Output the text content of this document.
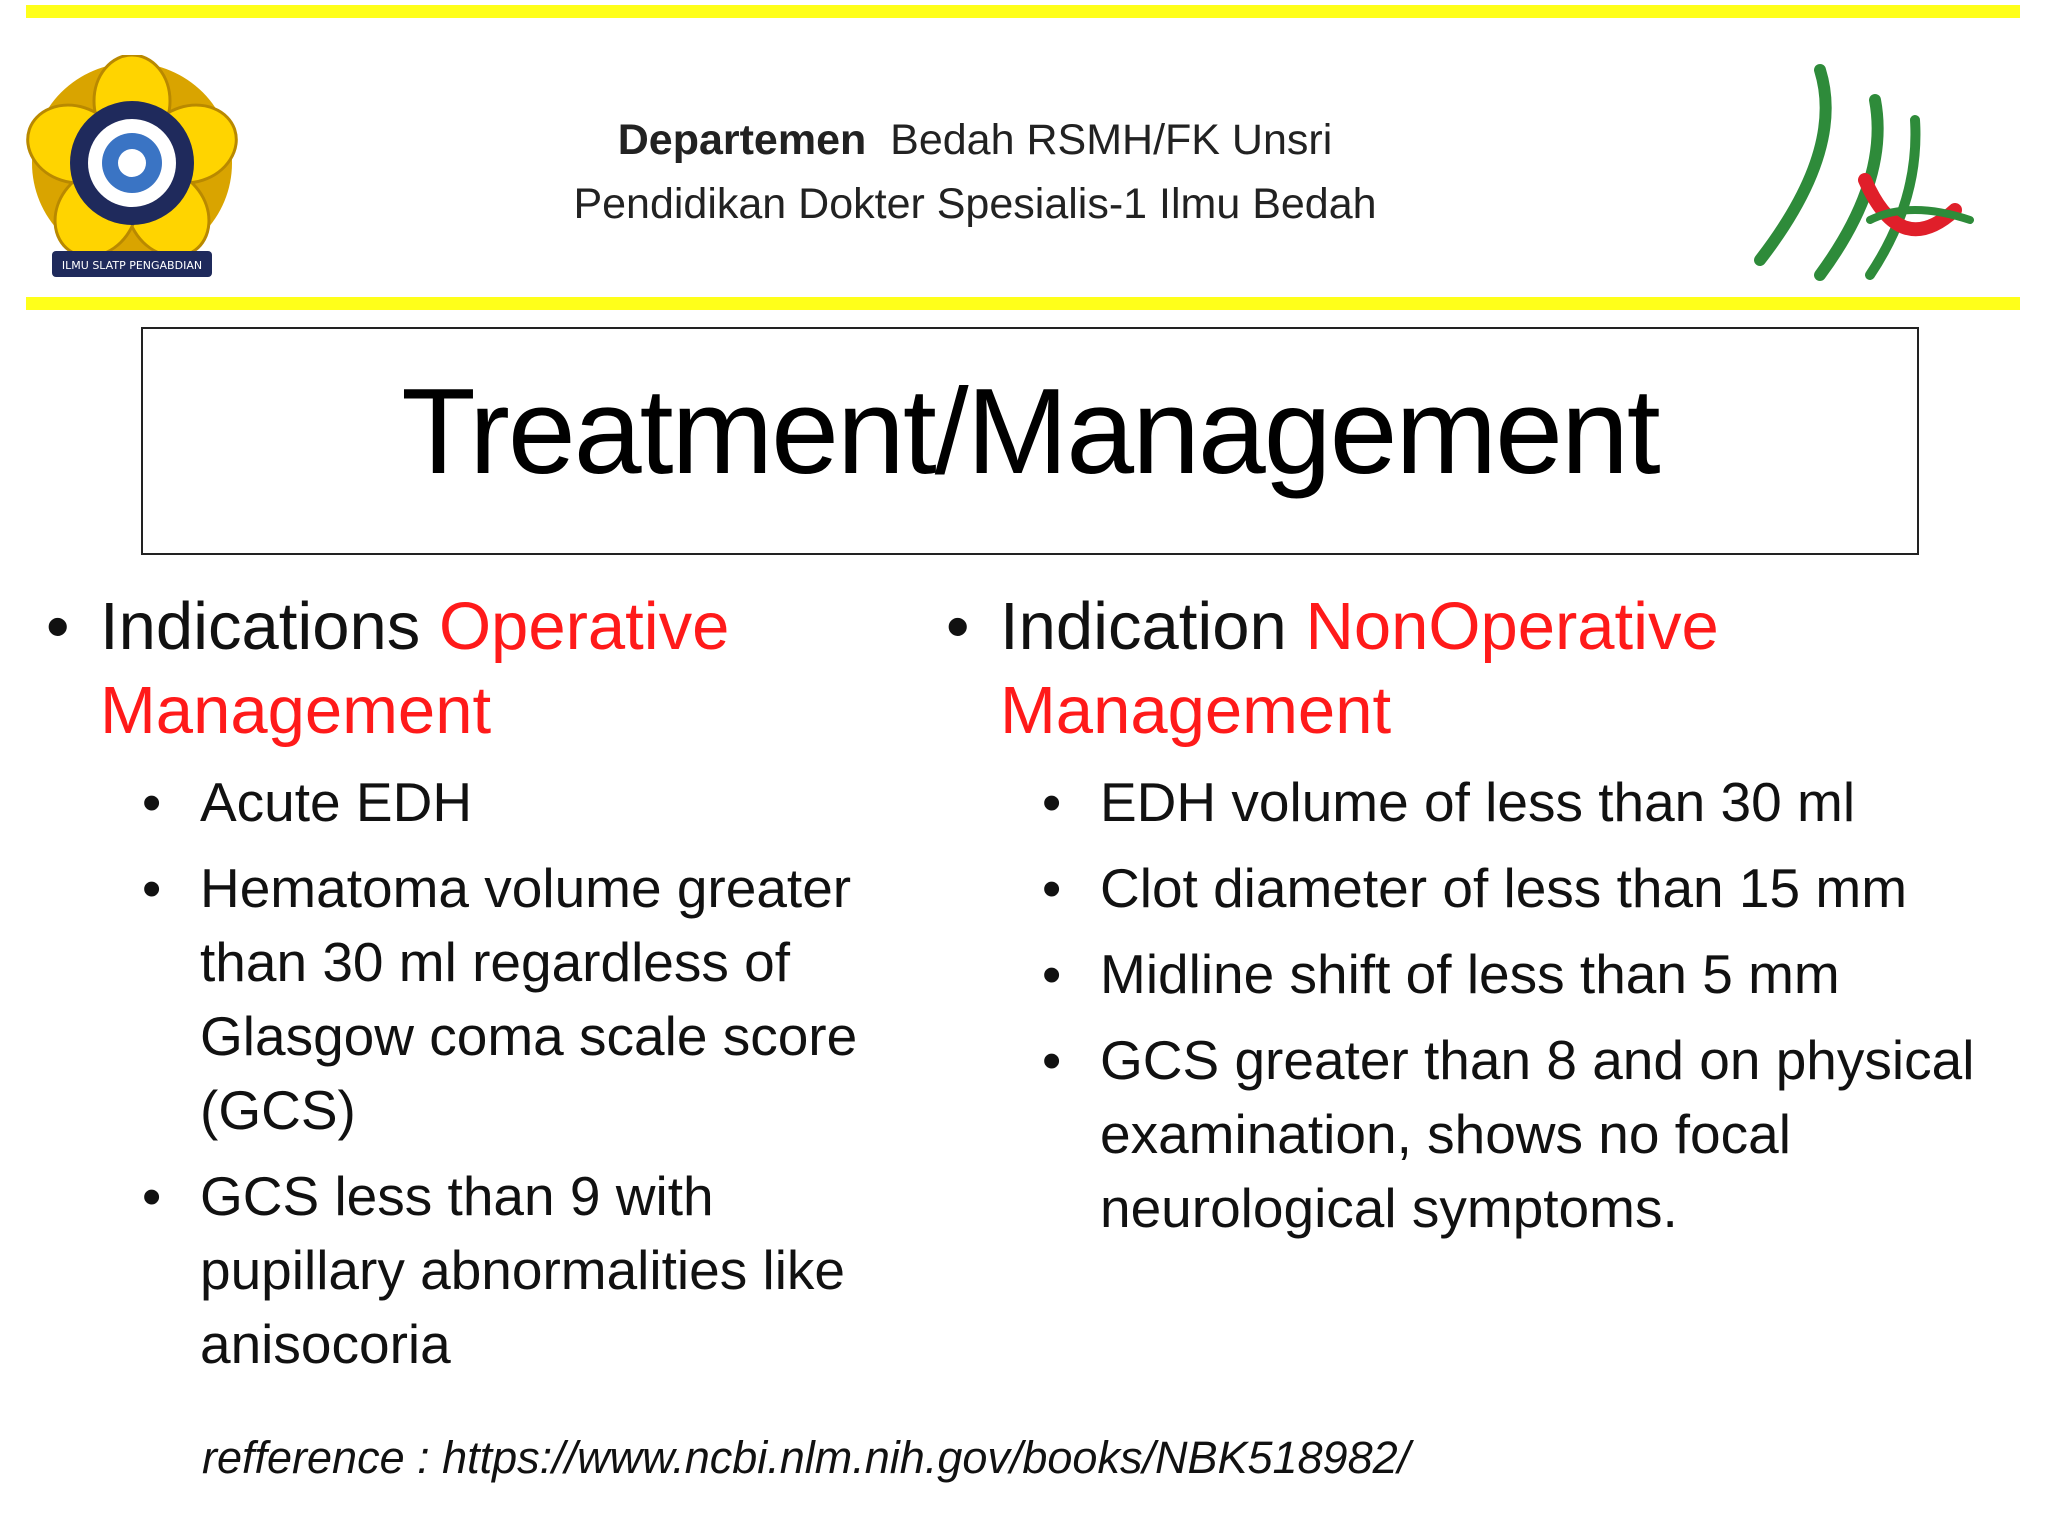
ILMU SLATP PENGABDIAN
Departemen Bedah RSMH/FK Unsri
Pendidikan Dokter Spesialis-1 Ilmu Bedah
Treatment/Management
• Indications Operative Management
• Acute EDH
• Hematoma volume greater than 30 ml regardless of Glasgow coma scale score (GCS)
• GCS less than 9 with pupillary abnormalities like anisocoria
• Indication NonOperative Management
• EDH volume of less than 30 ml
• Clot diameter of less than 15 mm
• Midline shift of less than 5 mm
• GCS greater than 8 and on physical examination, shows no focal neurological symptoms.
refference : https://www.ncbi.nlm.nih.gov/books/NBK518982/
